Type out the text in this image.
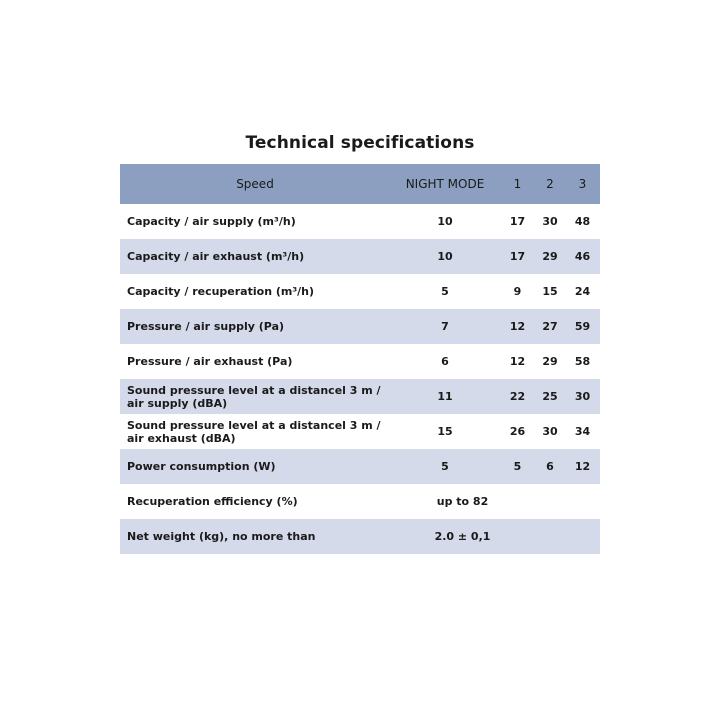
Technical specifications
Speed	NIGHT MODE	1	2	3
Capacity / air supply (m³/h)	10	17	30	48
Capacity / air exhaust (m³/h)	10	17	29	46
Capacity / recuperation (m³/h)	5	9	15	24
Pressure / air supply (Pa)	7	12	27	59
Pressure / air exhaust (Pa)	6	12	29	58
Sound pressure level at a distancel 3 m / air supply (dBA)	11	22	25	30
Sound pressure level at a distancel 3 m / air exhaust (dBA)	15	26	30	34
Power consumption (W)	5	5	6	12
Recuperation efficiency (%)	up to 82			
Net weight (kg), no more than	2.0 ± 0,1			
